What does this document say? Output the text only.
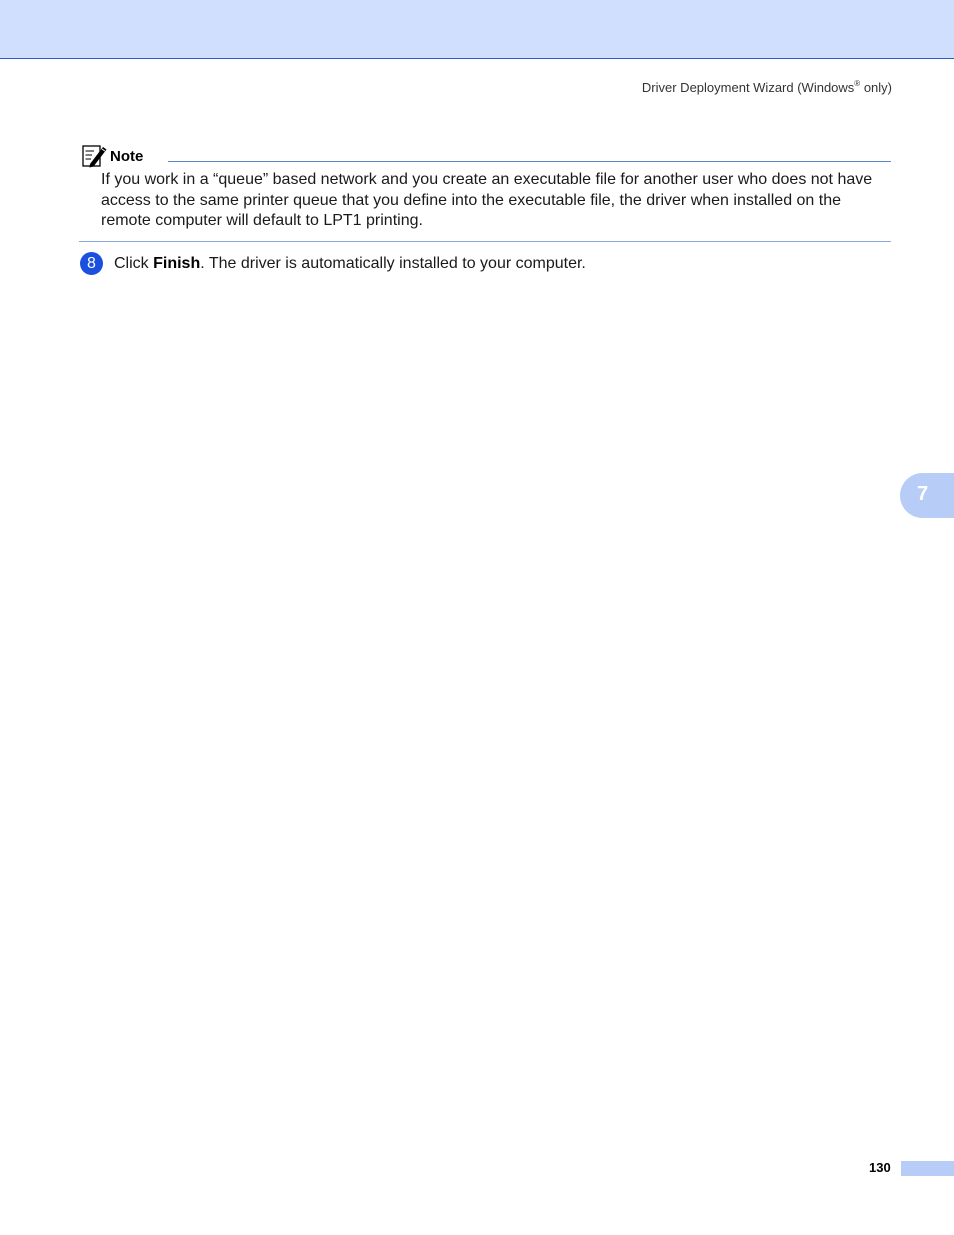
Driver Deployment Wizard (Windows® only)
Note
If you work in a “queue” based network and you create an executable file for another user who does not have access to the same printer queue that you define into the executable file, the driver when installed on the remote computer will default to LPT1 printing.
8	Click Finish. The driver is automatically installed to your computer.
7
130
